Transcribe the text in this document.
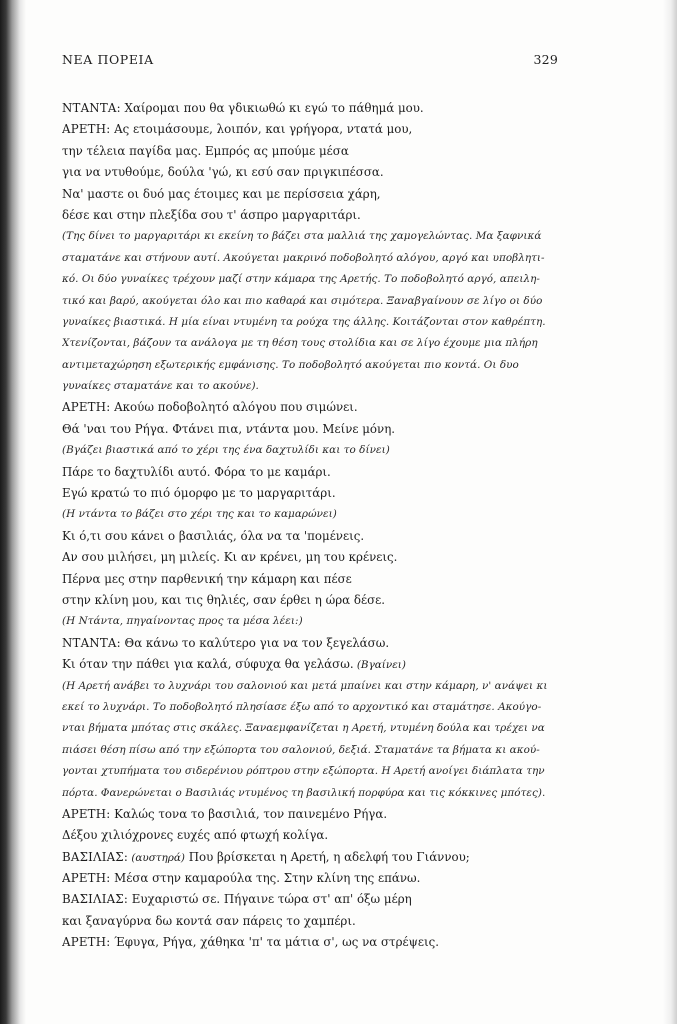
ΝΕΑ ΠΟΡΕΙΑ	329
ΝΤΑΝΤΑ: Χαίρομαι που θα γδικιωθώ κι εγώ το πάθημά μου.
ΑΡΕΤΗ: Ας ετοιμάσουμε, λοιπόν, και γρήγορα, ντατά μου,
την τέλεια παγίδα μας. Εμπρός ας μπούμε μέσα
για να ντυθούμε, δούλα 'γώ, κι εσύ σαν πριγκιπέσσα.
Να' μαστε οι δυό μας έτοιμες και με περίσσεια χάρη,
δέσε και στην πλεξίδα σου τ' άσπρο μαργαριτάρι.
(Της δίνει το μαργαριτάρι κι εκείνη το βάζει στα μαλλιά της χαμογελώντας. Μα ξαφνικά
σταματάνε και στήνουν αυτί. Ακούγεται μακρινό ποδοβολητό αλόγου, αργό και υποβλητι-
κό. Οι δύο γυναίκες τρέχουν μαζί στην κάμαρα της Αρετής. Το ποδοβολητό αργό, απειλη-
τικό και βαρύ, ακούγεται όλο και πιο καθαρά και σιμότερα. Ξαναβγαίνουν σε λίγο οι δύο
γυναίκες βιαστικά. Η μία είναι ντυμένη τα ρούχα της άλλης. Κοιτάζονται στον καθρέπτη.
Χτενίζονται, βάζουν τα ανάλογα με τη θέση τους στολίδια και σε λίγο έχουμε μια πλήρη
αντιμεταχώρηση εξωτερικής εμφάνισης. Το ποδοβολητό ακούγεται πιο κοντά. Οι δυο
γυναίκες σταματάνε και το ακούνε).
ΑΡΕΤΗ: Ακούω ποδοβολητό αλόγου που σιμώνει.
Θά 'ναι του Ρήγα. Φτάνει πια, ντάντα μου. Μείνε μόνη.
(Βγάζει βιαστικά από το χέρι της ένα δαχτυλίδι και το δίνει)
Πάρε το δαχτυλίδι αυτό. Φόρα το με καμάρι.
Εγώ κρατώ το πιό όμορφο με το μαργαριτάρι.
(Η ντάντα το βάζει στο χέρι της και το καμαρώνει)
Κι ό,τι σου κάνει ο βασιλιάς, όλα να τα 'πομένεις.
Αν σου μιλήσει, μη μιλείς. Κι αν κρένει, μη του κρένεις.
Πέρνα μες στην παρθενική την κάμαρη και πέσε
στην κλίνη μου, και τις θηλιές, σαν έρθει η ώρα δέσε.
(Η Ντάντα, πηγαίνοντας προς τα μέσα λέει:)
ΝΤΑΝΤΑ: Θα κάνω το καλύτερο για να τον ξεγελάσω.
Κι όταν την πάθει για καλά, σύφυχα θα γελάσω. (Βγαίνει)
(Η Αρετή ανάβει το λυχνάρι του σαλονιού και μετά μπαίνει και στην κάμαρη, ν' ανάψει κι
εκεί το λυχνάρι. Το ποδοβολητό πλησίασε έξω από το αρχοντικό και σταμάτησε. Ακούγο-
νται βήματα μπότας στις σκάλες. Ξαναεμφανίζεται η Αρετή, ντυμένη δούλα και τρέχει να
πιάσει θέση πίσω από την εξώπορτα του σαλονιού, δεξιά. Σταματάνε τα βήματα κι ακού-
γονται χτυπήματα του σιδερένιου ρόπτρου στην εξώπορτα. Η Αρετή ανοίγει διάπλατα την
πόρτα. Φανερώνεται ο Βασιλιάς ντυμένος τη βασιλική πορφύρα και τις κόκκινες μπότες).
ΑΡΕΤΗ: Καλώς τονα το βασιλιά, τον παινεμένο Ρήγα.
Δέξου χιλιόχρονες ευχές από φτωχή κολίγα.
ΒΑΣΙΛΙΑΣ: (αυστηρά) Που βρίσκεται η Αρετή, η αδελφή του Γιάννου;
ΑΡΕΤΗ: Μέσα στην καμαρούλα της. Στην κλίνη της επάνω.
ΒΑΣΙΛΙΑΣ: Ευχαριστώ σε. Πήγαινε τώρα στ' απ' όξω μέρη
και ξαναγύρνα δω κοντά σαν πάρεις το χαμπέρι.
ΑΡΕΤΗ: Έφυγα, Ρήγα, χάθηκα 'π' τα μάτια σ', ως να στρέψεις.
